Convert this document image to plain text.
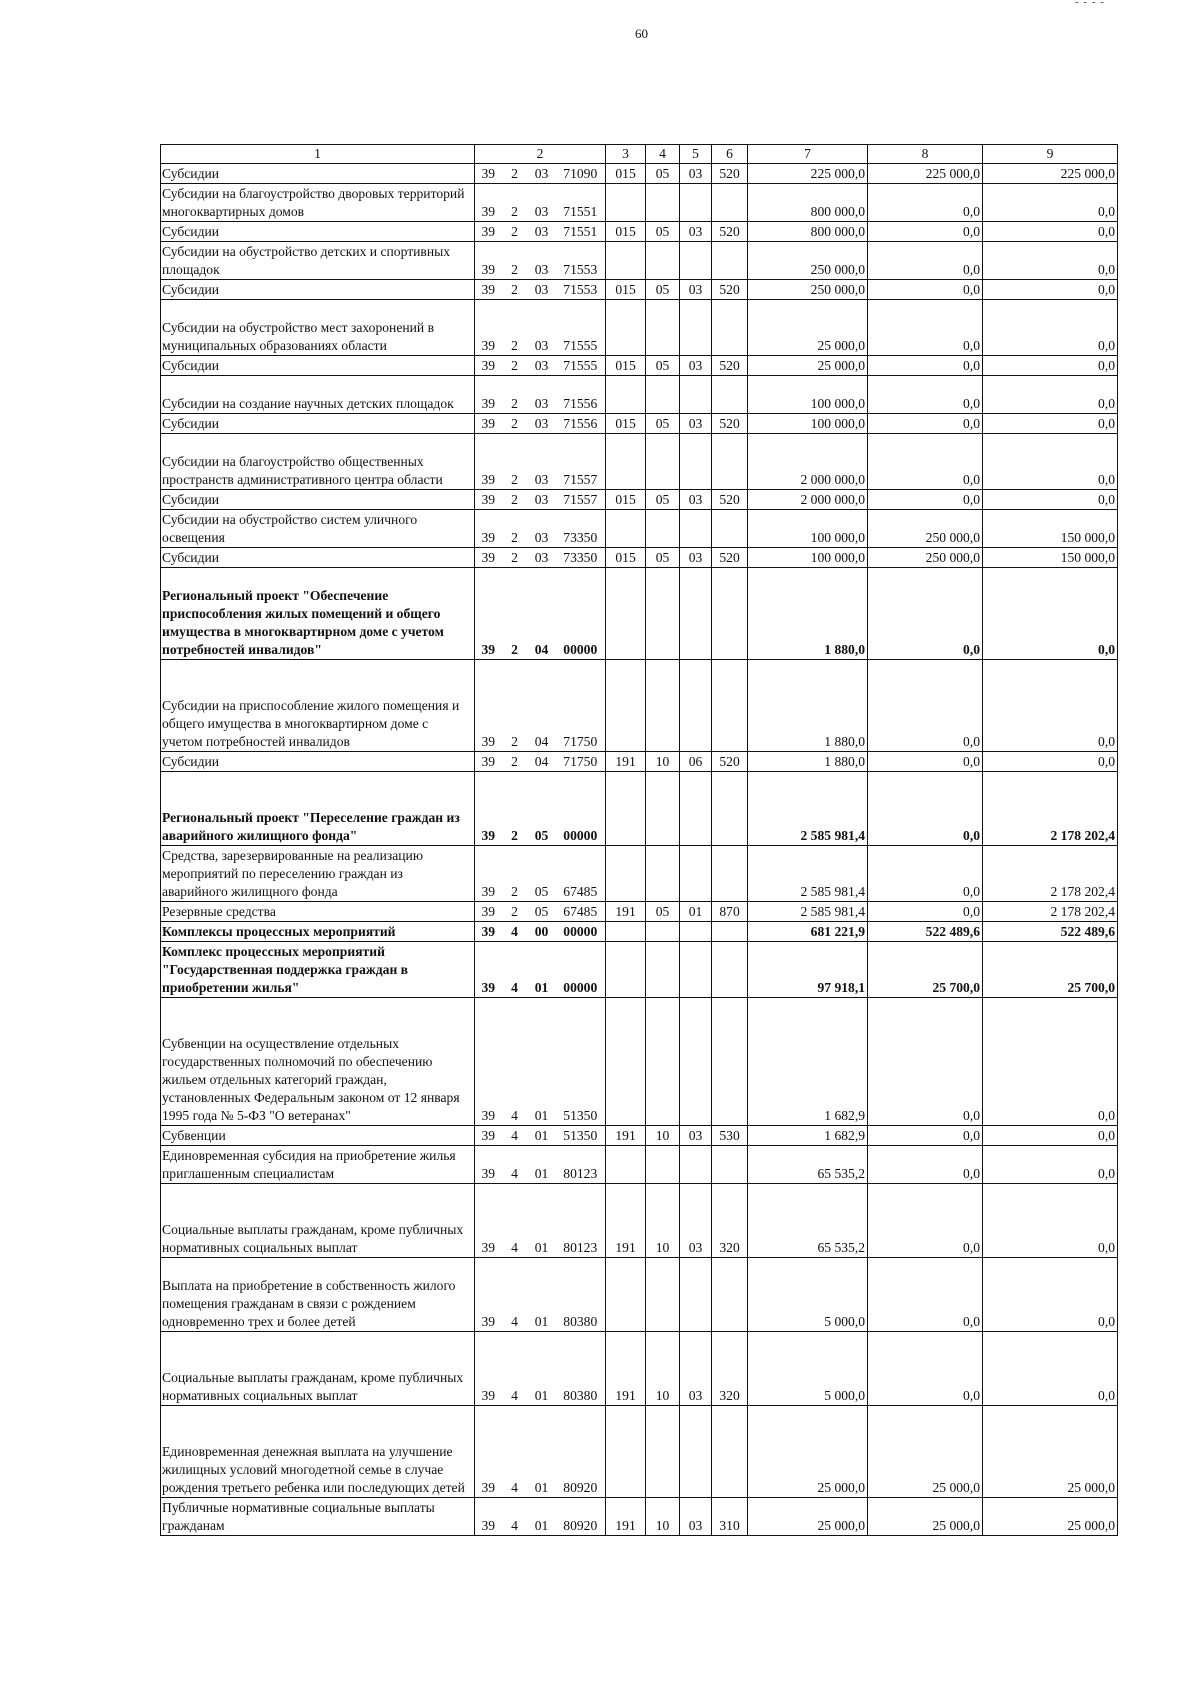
60
- - - -
1	2				3	4	5	6	7	8	9
Субсидии	39	2	03	71090	015	05	03	520	225 000,0	225 000,0	225 000,0
Субсидии на благоустройство дворовых территорий многоквартирных домов	39	2	03	71551					800 000,0	0,0	0,0
Субсидии	39	2	03	71551	015	05	03	520	800 000,0	0,0	0,0
Субсидии на обустройство детских и спортивных площадок	39	2	03	71553					250 000,0	0,0	0,0
Субсидии	39	2	03	71553	015	05	03	520	250 000,0	0,0	0,0
Субсидии на обустройство мест захоронений в муниципальных образованиях области	39	2	03	71555					25 000,0	0,0	0,0
Субсидии	39	2	03	71555	015	05	03	520	25 000,0	0,0	0,0
Субсидии на создание научных детских площадок	39	2	03	71556					100 000,0	0,0	0,0
Субсидии	39	2	03	71556	015	05	03	520	100 000,0	0,0	0,0
Субсидии на благоустройство общественных пространств административного центра области	39	2	03	71557					2 000 000,0	0,0	0,0
Субсидии	39	2	03	71557	015	05	03	520	2 000 000,0	0,0	0,0
Субсидии на обустройство систем уличного освещения	39	2	03	73350					100 000,0	250 000,0	150 000,0
Субсидии	39	2	03	73350	015	05	03	520	100 000,0	250 000,0	150 000,0
Региональный проект "Обеспечение приспособления жилых помещений и общего имущества в многоквартирном доме с учетом потребностей инвалидов"	39	2	04	00000					1 880,0	0,0	0,0
Субсидии на приспособление жилого помещения и общего имущества в многоквартирном доме с учетом потребностей инвалидов	39	2	04	71750					1 880,0	0,0	0,0
Субсидии	39	2	04	71750	191	10	06	520	1 880,0	0,0	0,0
Региональный проект "Переселение граждан из аварийного жилищного фонда"	39	2	05	00000					2 585 981,4	0,0	2 178 202,4
Средства, зарезервированные на реализацию мероприятий по переселению граждан из аварийного жилищного фонда	39	2	05	67485					2 585 981,4	0,0	2 178 202,4
Резервные средства	39	2	05	67485	191	05	01	870	2 585 981,4	0,0	2 178 202,4
Комплексы процессных мероприятий	39	4	00	00000					681 221,9	522 489,6	522 489,6
Комплекс процессных мероприятий "Государственная поддержка граждан в приобретении жилья"	39	4	01	00000					97 918,1	25 700,0	25 700,0
Субвенции на осуществление отдельных государственных полномочий по обеспечению жильем отдельных категорий граждан, установленных Федеральным законом от 12 января 1995 года № 5-ФЗ "О ветеранах"	39	4	01	51350					1 682,9	0,0	0,0
Субвенции	39	4	01	51350	191	10	03	530	1 682,9	0,0	0,0
Единовременная субсидия на приобретение жилья приглашенным специалистам	39	4	01	80123					65 535,2	0,0	0,0
Социальные выплаты гражданам, кроме публичных нормативных социальных выплат	39	4	01	80123	191	10	03	320	65 535,2	0,0	0,0
Выплата на приобретение в собственность жилого помещения гражданам в связи с рождением одновременно трех и более детей	39	4	01	80380					5 000,0	0,0	0,0
Социальные выплаты гражданам, кроме публичных нормативных социальных выплат	39	4	01	80380	191	10	03	320	5 000,0	0,0	0,0
Единовременная денежная выплата на улучшение жилищных условий многодетной семье в случае рождения третьего ребенка или последующих детей	39	4	01	80920					25 000,0	25 000,0	25 000,0
Публичные нормативные социальные выплаты гражданам	39	4	01	80920	191	10	03	310	25 000,0	25 000,0	25 000,0
